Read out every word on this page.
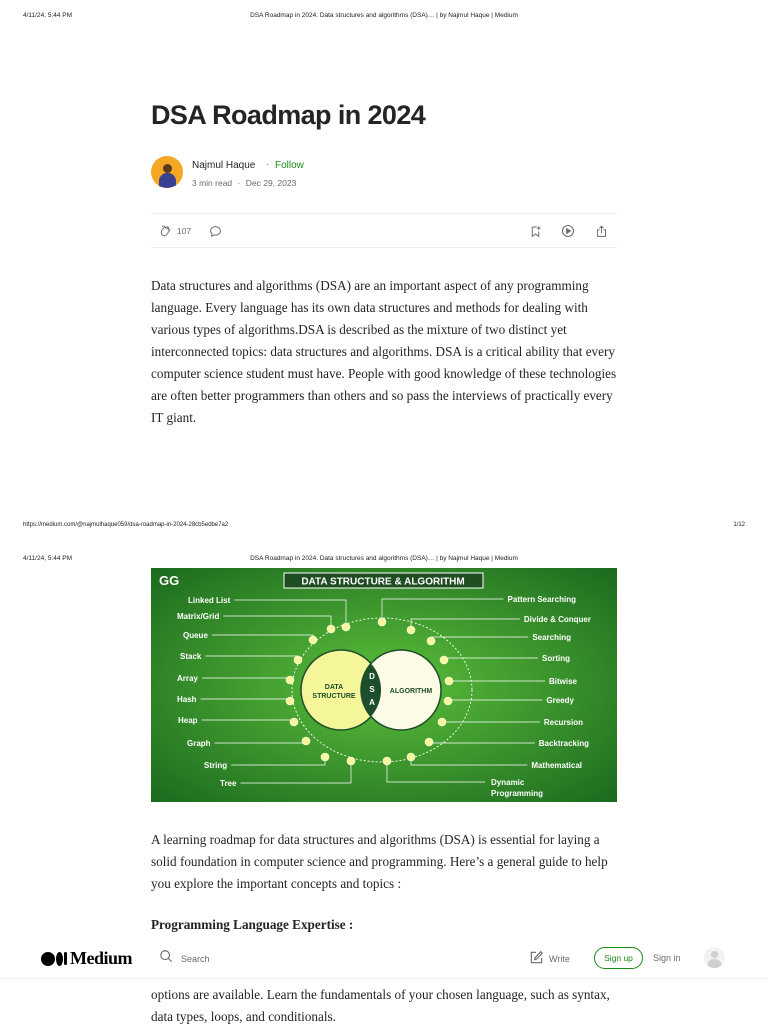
4/11/24, 5:44 PM	DSA Roadmap in 2024. Data structures and algorithms (DSA)… | by Najmul Haque | Medium
DSA Roadmap in 2024
Najmul Haque · Follow
3 min read · Dec 29, 2023
107

Data structures and algorithms (DSA) are an important aspect of any programming language. Every language has its own data structures and methods for dealing with various types of algorithms.DSA is described as the mixture of two distinct yet interconnected topics: data structures and algorithms. DSA is a critical ability that every computer science student must have. People with good knowledge of these technologies are often better programmers than others and so pass the interviews of practically every IT giant.

https://medium.com/@najmulhaque059/dsa-roadmap-in-2024-28cb5edbe7a2	1/12
4/11/24, 5:44 PM	DSA Roadmap in 2024. Data structures and algorithms (DSA)… | by Najmul Haque | Medium
GG	DATA STRUCTURE & ALGORITHM
DATA
STRUCTURE
ALGORITHM
D
S
A
Linked List
Matrix/Grid
Queue
Stack
Array
Hash
Heap
Graph
String
Tree
Pattern Searching
Divide & Conquer
Searching
Sorting
Bitwise
Greedy
Recursion
Backtracking
Mathematical
Dynamic
Programming

A learning roadmap for data structures and algorithms (DSA) is essential for laying a solid foundation in computer science and programming. Here’s a general guide to help you explore the important concepts and topics :

Programming Language Expertise :

options are available. Learn the fundamentals of your chosen language, such as syntax, data types, loops, and conditionals.

Medium
Search	Write	Sign up	Sign in
